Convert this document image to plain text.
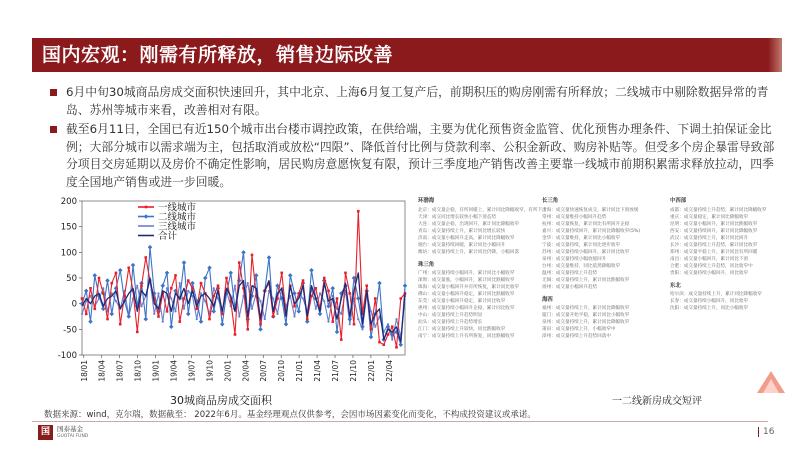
国内宏观：刚需有所释放，销售边际改善
6月中旬30城商品房成交面积快速回升，其中北京、上海6月复工复产后，前期积压的购房刚需有所释放；二线城市中剔除数据异常的青岛、苏州等城市来看，改善相对有限。
截至6月11日，全国已有近150个城市出台楼市调控政策，在供给端，主要为优化预售资金监管、优化预售办理条件、下调土拍保证金比例；大部分城市以需求端为主，包括取消或放松“四限”、降低首付比例与贷款利率、公积金新政、购房补贴等。但受多个房企暴雷导致部分项目交房延期以及房价不确定性影响，居民购房意愿恢复有限，预计三季度地产销售改善主要靠一线城市前期积累需求释放拉动，四季度全国地产销售或进一步回暖。
-100
-50
0
50
100
150
200
18/01 18/04 18/07 18/10 19/01 19/04 19/07 19/10 20/01 20/04 20/07 20/10 21/01 21/04 21/07 21/10 22/01 22/04
一线城市
二线城市
三线城市
合计
30城商品房成交面积
环渤海
北京：成交量企稳，有所回暖上，累计同比降幅收窄，有所下滑
天津：成交同比增长较快小幅下滑态势
大连：成交量企稳，出现回升，累计同比降幅收窄
青岛：成交量持续上升，累计同比增长较快
济南：成交量小幅回升走高，累计同比降幅收窄
烟台：成交量持续回暖，累计同比小幅回升
潍坊：成交量持续上升，累计同比仍降，小幅回落
珠三角
广州：成交量持续小幅回升，累计同比小幅收窄
深圳：成交量涨，小幅回升，累计同比跌幅收窄
珠海：成交量小幅回升并有所恢复，累计同比收窄
佛山：成交量小幅回升稳定，累计同比跌幅收窄
东莞：成交量小幅回升稳定，累计同比收窄
惠州：成交量持续小幅回升企稳，累计同比收窄
中山：成交量持续上升趋势明显
汕头：成交量持续上升趋势增长
江门：成交量持续上升较快，同比跌幅收窄
南宁：成交量持续上升有所恢复，同比跌幅收窄
长三角
上海：成交量快速恢复成交，累计同比下滑放缓
常州：成交量维持小幅回升趋势
杭州：成交量恢复，累计同比有所回升企稳
嘉兴：成交量持续回升，累计同比降幅收窄(5%)
金华：成交量维持，累计同比小幅收窄
宁波：成交量持续，累计同比逐步收窄
苏州：成交量持续小幅回升，累计同比收窄
泉州：成交量持续小幅放缓回升
台州：成交量维持，同比依然降幅收窄
温州：成交量持续上升趋势
无锡：成交量持续上升，累计同比跌幅收窄
扬州：成交量小幅回升趋势
海西
福州：成交量持续上升，累计同比降幅收窄
厦门：成交量开始平稳，累计同比小幅收窄
泉州：成交量持续上升，累计同比降幅收窄
莆田：成交量持续上升，小幅收窄中
漳州：成交量持续上升趋势回落中
中西部
成都：成交量持续上升趋势，累计同比降幅收窄
重庆：成交量稳定，累计同比降幅收窄
昆明：成交量小幅回升，累计同比跌幅收窄
西安：成交量持续回升，累计同比降幅收窄
武汉：成交量持续上升，累计同比回升
长沙：成交量持续上升趋势，累计同比收窄
郑州：成交量平稳上升，累计同比有所回暖
南昌：成交量小幅回升，累计同比下滑
合肥：成交量持续上升趋势，同比收窄中
贵阳：成交量持续小幅回升，同比收窄
东北
哈尔滨：成交量持续上升，累计同比降幅收窄
长春：成交量持续小幅回升，同比收窄
沈阳：成交量持续上升，同比小幅收窄
一二线新房成交短评
数据来源：wind，克尔瑞，数据截至： 2022年6月。基金经理观点仅供参考，会因市场因素变化而变化，不构成投资建议或承诺。
国	国泰基金
GUOTAI FUND	16
